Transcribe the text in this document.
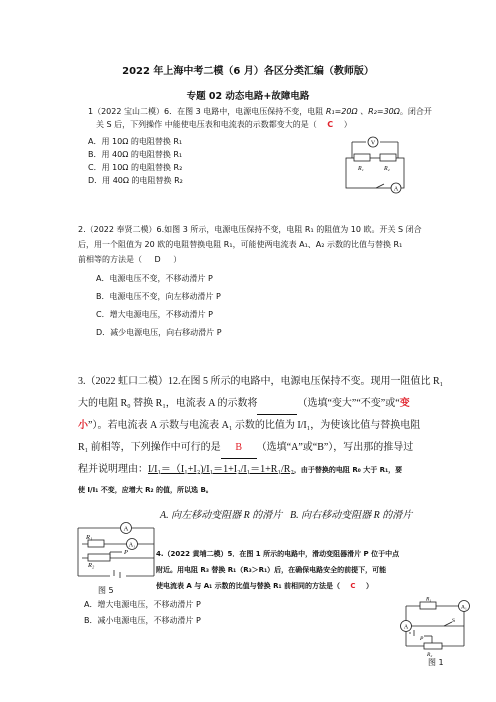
2022 年上海中考二模（6 月）各区分类汇编（教师版）
专题 02 动态电路+故障电路
1（2022 宝山二模）6．在图 3 电路中，电源电压保持不变，电阻 R₁=20Ω 、R₂=30Ω。闭合开
关 S 后，下列操作 中能使电压表和电流表的示数都变大的是（ C ）
A．用 10Ω 的电阻替换 R₁
B．用 40Ω 的电阻替换 R₁
C．用 10Ω 的电阻替换 R₂
D．用 40Ω 的电阻替换 R₂
V
A
R₁	R₂
2.（2022 奉贤二模）6.如图 3 所示，电源电压保持不变，电阻 R₁ 的阻值为 10 欧。开关 S 闭合
后，用一个阻值为 20 欧的电阻替换电阻 R₁，可能使两电流表 A₁、A₂ 示数的比值与替换 R₁
前相等的方法是（ D ）
A．电源电压不变，不移动滑片 P
B．电源电压不变，向左移动滑片 P
C．增大电源电压，不移动滑片 P
D．减少电源电压，向右移动滑片 P
3.（2022 虹口二模）12.在图 5 所示的电路中，电源电压保持不变。现用一阻值比 R₁
大的电阻 R₀ 替换 R₁，电流表 A 的示数将	（选填“变大”“不变”或“变
小”）。若电流表 A 示数与电流表 A₁ 示数的比值为 I/I₁，为使该比值与替换电阻
R₁ 前相等，下列操作中可行的是 B （选填“A”或“B”），写出那的推导过
程并说明理由：I/I₁＝（I₁+I₂)/I₁＝1+I₂/I₁＝1+R₁/R₂，由于替换的电阻 R₀ 大于 R₁，要
使 I/I₁ 不变，应增大 R₂ 的值，所以选 B。
A. 向左移动变阻器 R 的滑片 B. 向右移动变阻器 R 的滑片
A
A₁
R₁
R₂
P
图 5
4.（2022 黄埔二模）5．在图 1 所示的电路中，滑动变阻器滑片 P 位于中点
附近。用电阻 R₃ 替换 R₁（R₃＞R₁）后，在确保电路安全的前提下，可能
使电流表 A 与 A₁ 示数的比值与替换 R₁ 前相同的方法是（ C ）
A．增大电源电压，不移动滑片 P
B．减小电源电压，不移动滑片 P
R₁
A₁
A
S
P
R₂
图 1
